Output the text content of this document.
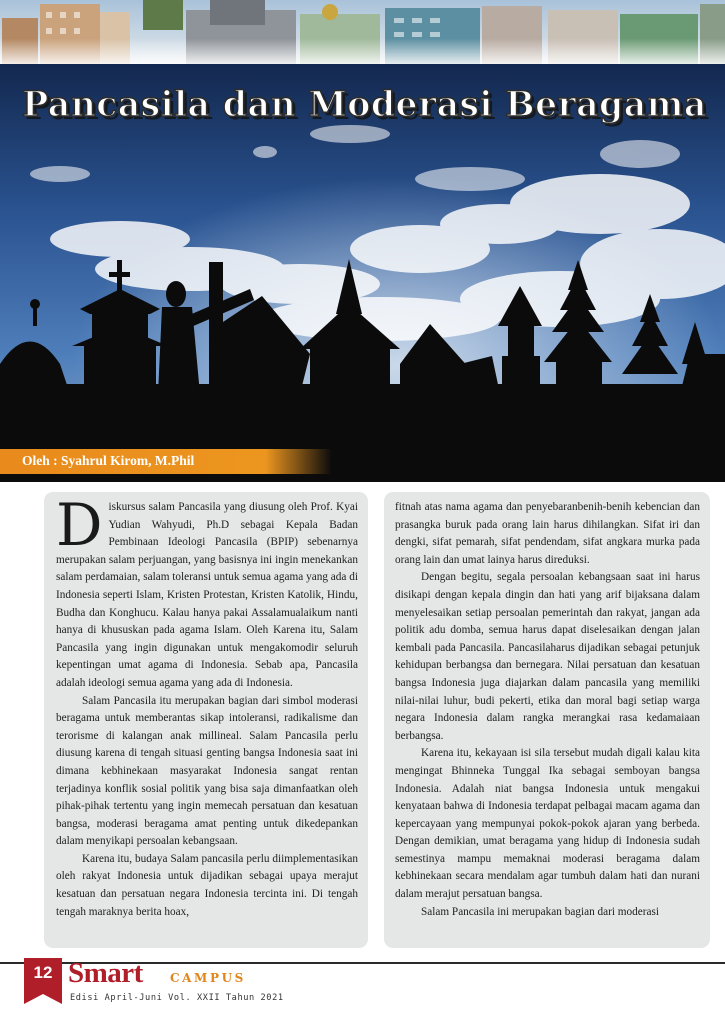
Pancasila dan Moderasi Beragama
Oleh : Syahrul Kirom, M.Phil

Diskursus salam Pancasila yang diusung oleh Prof. Kyai Yudian Wahyudi, Ph.D sebagai Kepala Badan Pembinaan Ideologi Pancasila (BPIP) sebenarnya merupakan salam perjuangan, yang basisnya ini ingin menekankan salam perdamaian, salam toleransi untuk semua agama yang ada di Indonesia seperti Islam, Kristen Protestan, Kristen Katolik, Hindu, Budha dan Konghucu. Kalau hanya pakai Assalamualaikum nanti hanya di khususkan pada agama Islam. Oleh Karena itu, Salam Pancasila yang ingin digunakan untuk mengakomodir seluruh kepentingan umat agama di Indonesia. Sebab apa, Pancasila adalah ideologi semua agama yang ada di Indonesia.

Salam Pancasila itu merupakan bagian dari simbol moderasi beragama untuk memberantas sikap intoleransi, radikalisme dan terorisme di kalangan anak millineal. Salam Pancasila perlu diusung karena di tengah situasi genting bangsa Indonesia saat ini dimana kebhinekaan masyarakat Indonesia sangat rentan terjadinya konflik sosial politik yang bisa saja dimanfaatkan oleh pihak-pihak tertentu yang ingin memecah persatuan dan kesatuan bangsa, moderasi beragama amat penting untuk dikedepankan dalam menyikapi persoalan kebangsaan.

Karena itu, budaya Salam pancasila perlu diimplementasikan oleh rakyat Indonesia untuk dijadikan sebagai upaya merajut kesatuan dan persatuan negara Indonesia tercinta ini. Di tengah tengah maraknya berita hoax,

fitnah atas nama agama dan penyebaranbenih-benih kebencian dan prasangka buruk pada orang lain harus dihilangkan. Sifat iri dan dengki, sifat pemarah, sifat pendendam, sifat angkara murka pada orang lain dan umat lainya harus direduksi.

Dengan begitu, segala persoalan kebangsaan saat ini harus disikapi dengan kepala dingin dan hati yang arif bijaksana dalam menyelesaikan setiap persoalan pemerintah dan rakyat, jangan ada politik adu domba, semua harus dapat diselesaikan dengan jalan kembali pada Pancasila. Pancasilaharus dijadikan sebagai petunjuk kehidupan berbangsa dan bernegara. Nilai persatuan dan kesatuan bangsa Indonesia juga diajarkan dalam pancasila yang memiliki nilai-nilai luhur, budi pekerti, etika dan moral bagi setiap warga negara Indonesia dalam rangka merangkai rasa kedamaiaan berbangsa.

Karena itu, kekayaan isi sila tersebut mudah digali kalau kita mengingat Bhinneka Tunggal Ika sebagai semboyan bangsa Indonesia. Adalah niat bangsa Indonesia untuk mengakui kenyataan bahwa di Indonesia terdapat pelbagai macam agama dan kepercayaan yang mempunyai pokok-pokok ajaran yang berbeda. Dengan demikian, umat beragama yang hidup di Indonesia sudah semestinya mampu memaknai moderasi beragama dalam kebhinekaan secara mendalam agar tumbuh dalam hati dan nurani dalam merajut persatuan bangsa.

Salam Pancasila ini merupakan bagian dari moderasi

12 Smart CAMPUS
Edisi April-Juni Vol. XXII Tahun 2021
